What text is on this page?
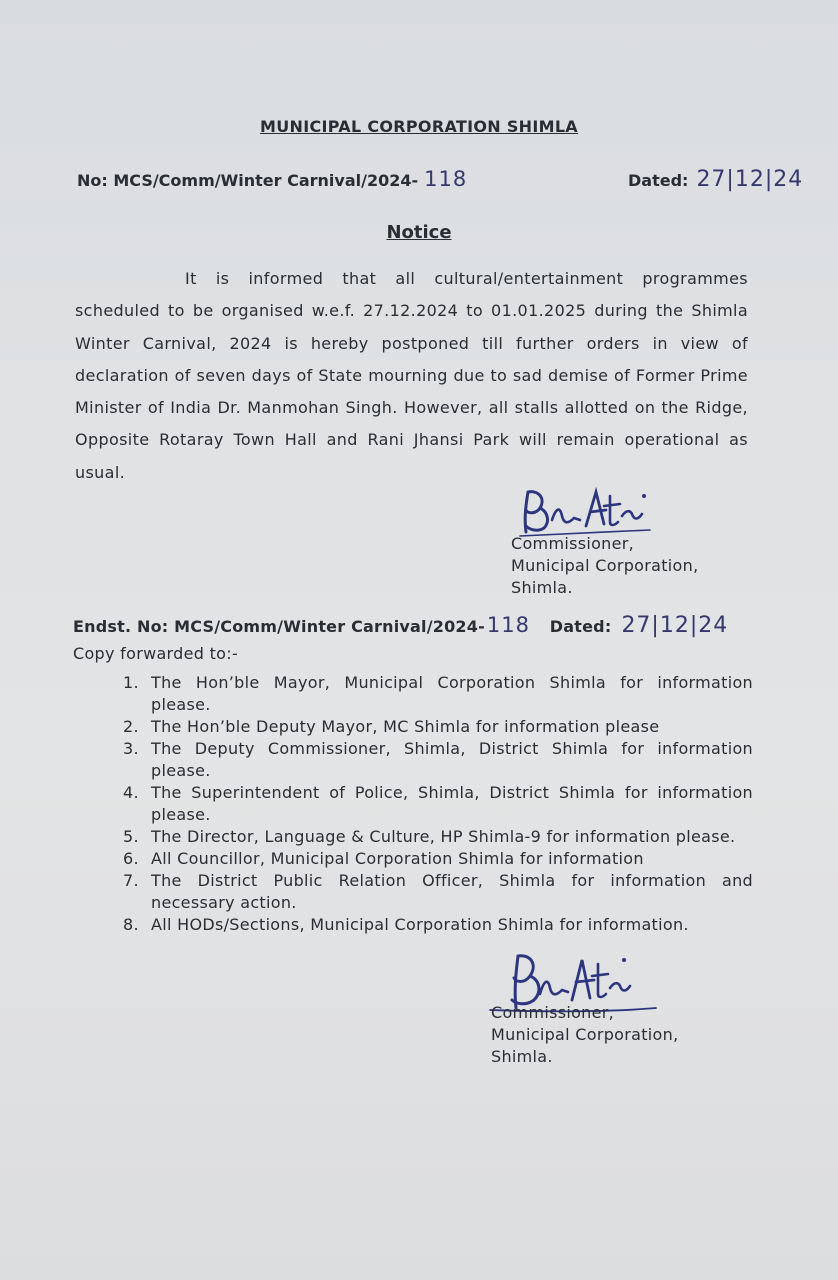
MUNICIPAL CORPORATION SHIMLA
No: MCS/Comm/Winter Carnival/2024- 118	Dated: 27|12|24
Notice

It is informed that all cultural/entertainment programmes scheduled to be organised w.e.f. 27.12.2024 to 01.01.2025 during the Shimla Winter Carnival, 2024 is hereby postponed till further orders in view of declaration of seven days of State mourning due to sad demise of Former Prime Minister of India Dr. Manmohan Singh. However, all stalls allotted on the Ridge, Opposite Rotaray Town Hall and Rani Jhansi Park will remain operational as usual.

Commissioner,
Municipal Corporation,
Shimla.
Endst. No: MCS/Comm/Winter Carnival/2024-118 Dated: 27|12|24
Copy forwarded to:-
1. The Hon’ble Mayor, Municipal Corporation Shimla for information please.
2. The Hon’ble Deputy Mayor, MC Shimla for information please
3. The Deputy Commissioner, Shimla, District Shimla for information please.
4. The Superintendent of Police, Shimla, District Shimla for information please.
5. The Director, Language & Culture, HP Shimla-9 for information please.
6. All Councillor, Municipal Corporation Shimla for information
7. The District Public Relation Officer, Shimla for information and necessary action.
8. All HODs/Sections, Municipal Corporation Shimla for information.
Commissioner,
Municipal Corporation,
Shimla.
